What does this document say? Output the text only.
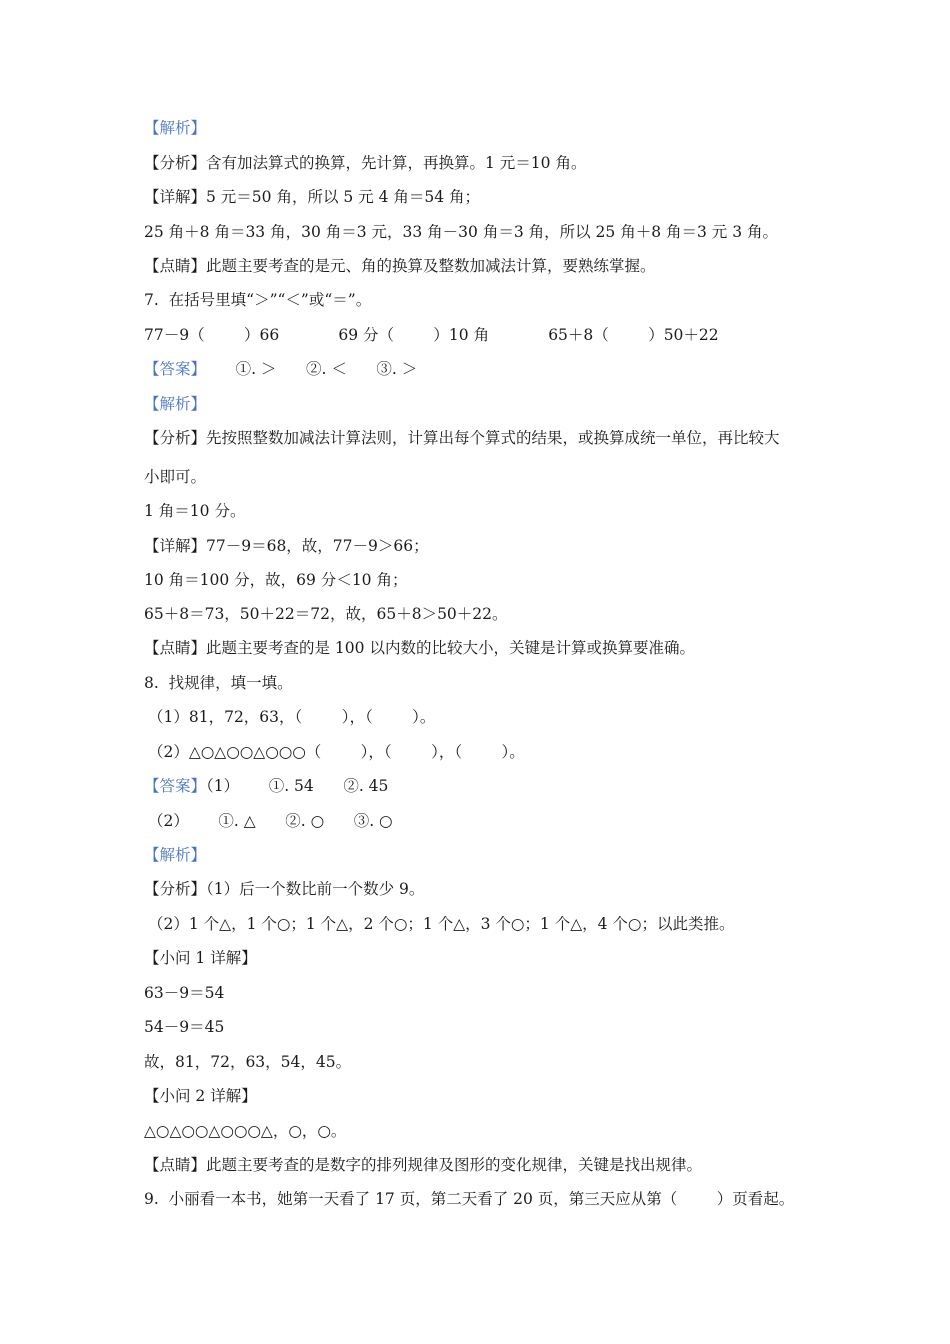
【解析】
【分析】含有加法算式的换算，先计算，再换算。1 元＝10 角。
【详解】5 元＝50 角，所以 5 元 4 角＝54 角；
25 角＋8 角＝33 角，30 角＝3 元，33 角－30 角＝3 角，所以 25 角＋8 角＝3 元 3 角。
【点睛】此题主要考查的是元、角的换算及整数加减法计算，要熟练掌握。
7.  在括号里填“＞”“＜”或“＝”。
77－9（        ）66            69 分（        ）10 角            65＋8（        ）50＋22
【答案】      ①. ＞      ②. ＜      ③. ＞
【解析】
【分析】先按照整数加减法计算法则，计算出每个算式的结果，或换算成统一单位，再比较大
小即可。
1 角＝10 分。
【详解】77－9＝68，故，77－9＞66；
10 角＝100 分，故，69 分＜10 角；
65＋8＝73，50＋22＝72，故，65＋8＞50＋22。
【点睛】此题主要考查的是 100 以内数的比较大小，关键是计算或换算要准确。
8.  找规律，填一填。
（1）81，72，63，（        ），（        ）。
（2）△○△○○△○○○（        ），（        ），（        ）。
【答案】（1）      ①. 54      ②. 45
（2）      ①. △      ②. ○      ③. ○
【解析】
【分析】（1）后一个数比前一个数少 9。
（2）1 个△，1 个○；1 个△，2 个○；1 个△，3 个○；1 个△，4 个○；以此类推。
【小问 1 详解】
63－9＝54
54－9＝45
故，81，72，63，54，45。
【小问 2 详解】
△○△○○△○○○△，○，○。
【点睛】此题主要考查的是数字的排列规律及图形的变化规律，关键是找出规律。
9.  小丽看一本书，她第一天看了 17 页，第二天看了 20 页，第三天应从第（        ）页看起。
